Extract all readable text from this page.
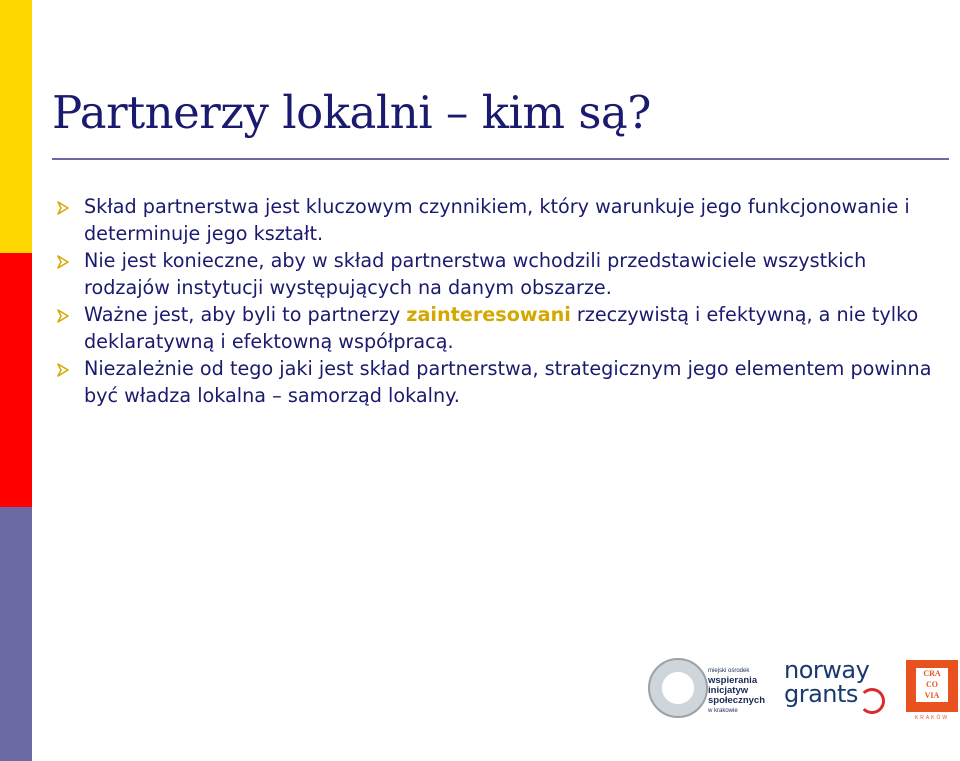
Partnerzy lokalni – kim są?
Skład partnerstwa jest kluczowym czynnikiem, który warunkuje jego funkcjonowanie i determinuje jego kształt.
Nie jest konieczne, aby w skład partnerstwa wchodzili przedstawiciele wszystkich rodzajów instytucji występujących na danym obszarze.
Ważne jest, aby byli to partnerzy zainteresowani rzeczywistą i efektywną, a nie tylko deklaratywną i efektowną współpracą.
Niezależnie od tego jaki jest skład partnerstwa, strategicznym jego elementem powinna być władza lokalna – samorząd lokalny.
miejski ośrodek
wspierania
inicjatyw
społecznych
w krakowie
norway
grants
CRA
CO
VIA
KRAKÓW
